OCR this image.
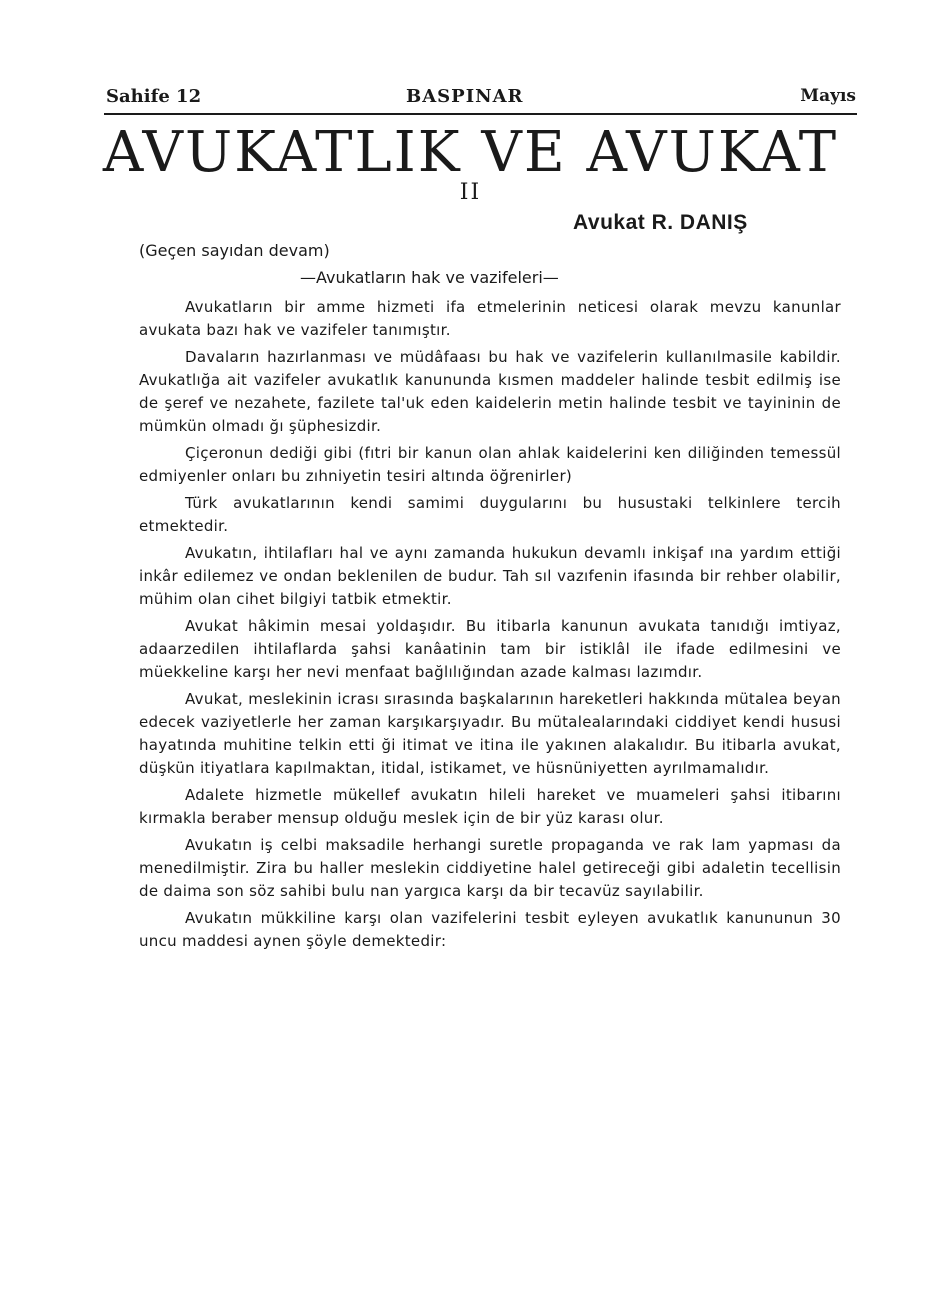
Sahife 12	BASPINAR	Mayıs
AVUKATLIK VE AVUKAT
II
Avukat R. DANIŞ
(Geçen sayıdan devam)
—Avukatların hak ve vazifeleri—

Avukatların bir amme hizmeti ifa etmelerinin neticesi olarak mevzu kanunlar avukata bazı hak ve vazifeler tanımıştır.

Davaların hazırlanması ve müdâfaası bu hak ve vazifelerin kullanılmasile kabildir. Avukatlığa ait vazifeler avukatlık kanununda kısmen maddeler halinde tesbit edilmiş ise de şeref ve nezahete, fazilete tal'uk eden kaidelerin metin halinde tesbit ve tayininin de mümkün olmadı ğı şüphesizdir.

Çiçeronun dediği gibi (fıtri bir kanun olan ahlak kaidelerini ken diliğinden temessül edmiyenler onları bu zıhniyetin tesiri altında öğrenirler)

Türk avukatlarının kendi samimi duygularını bu husustaki telkinlere tercih etmektedir.

Avukatın, ihtilafları hal ve aynı zamanda hukukun devamlı inkişaf ına yardım ettiği inkâr edilemez ve ondan beklenilen de budur. Tah sıl vazıfenin ifasında bir rehber olabilir, mühim olan cihet bilgiyi tatbik etmektir.

Avukat hâkimin mesai yoldaşıdır. Bu itibarla kanunun avukata tanıdığı imtiyaz, adaarzedilen ihtilaflarda şahsi kanâatinin tam bir istiklâl ile ifade edilmesini ve müekkeline karşı her nevi menfaat bağlılığından azade kalması lazımdır.

Avukat, meslekinin icrası sırasında başkalarının hareketleri hakkında mütalea beyan edecek vaziyetlerle her zaman karşıkarşıyadır. Bu mütalealarındaki ciddiyet kendi hususi hayatında muhitine telkin etti ği itimat ve itina ile yakınen alakalıdır. Bu itibarla avukat, düşkün itiyatlara kapılmaktan, itidal, istikamet, ve hüsnüniyetten ayrılmamalıdır.

Adalete hizmetle mükellef avukatın hileli hareket ve muameleri şahsi itibarını kırmakla beraber mensup olduğu meslek için de bir yüz karası olur.

Avukatın iş celbi maksadile herhangi suretle propaganda ve rak lam yapması da menedilmiştir. Zira bu haller meslekin ciddiyetine halel getireceği gibi adaletin tecellisin de daima son söz sahibi bulu nan yargıca karşı da bir tecavüz sayılabilir.

Avukatın mükkiline karşı olan vazifelerini tesbit eyleyen avukatlık kanununun 30 uncu maddesi aynen şöyle demektedir:
